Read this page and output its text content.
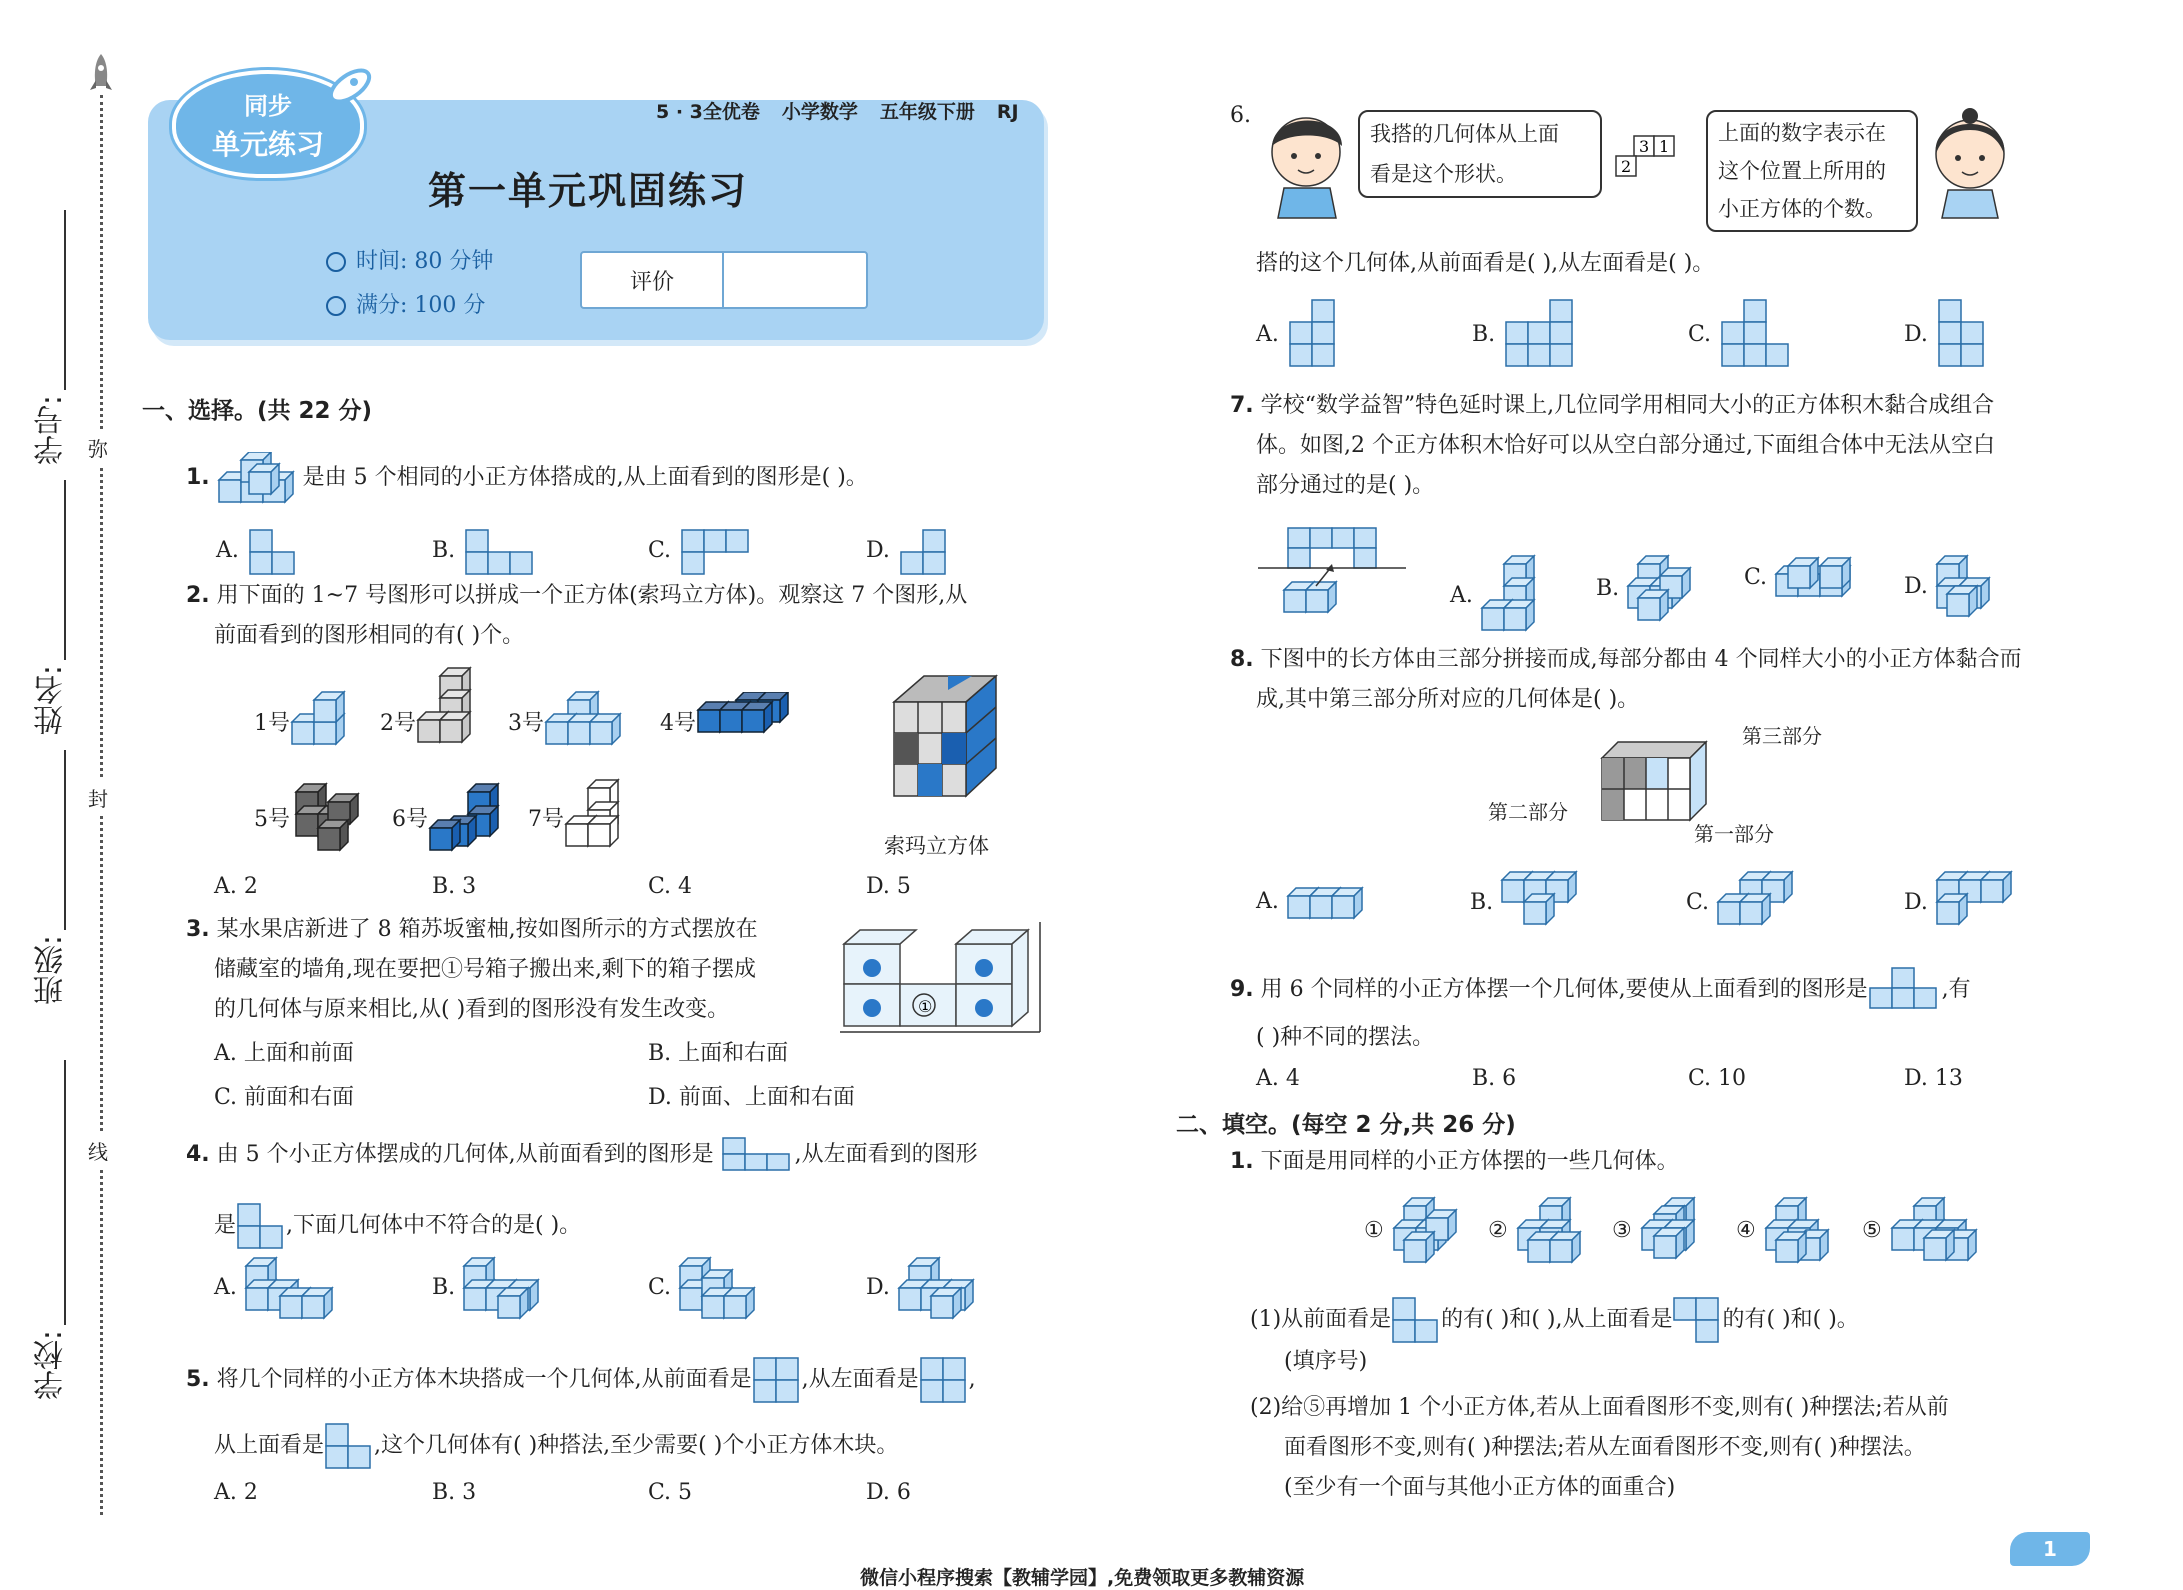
学号:
姓名:
班级:
学校:
弥
封
线
5 · 3全优卷 小学数学 五年级下册 RJ
同步
单元练习
第一单元巩固练习
时间: 80 分钟
满分: 100 分
评价
一、选择。(共 22 分)
1.	是由 5 个相同的小正方体搭成的,从上面看到的图形是( )。
A.	B.	C.	D.
2. 用下面的 1~7 号图形可以拼成一个正方体(索玛立方体)。观察这 7 个图形,从
前面看到的图形相同的有( )个。
1号	2号	3号	4号
5号	6号	7号
索玛立方体
A. 2	B. 3	C. 4	D. 5
3. 某水果店新进了 8 箱苏坂蜜柚,按如图所示的方式摆放在
储藏室的墙角,现在要把①号箱子搬出来,剩下的箱子摆成
的几何体与原来相比,从( )看到的图形没有发生改变。	①
A. 上面和前面	B. 上面和右面
C. 前面和右面	D. 前面、上面和右面
4. 由 5 个小正方体摆成的几何体,从前面看到的图形是	,从左面看到的图形
是 ,下面几何体中不符合的是( )。
A.	B.	C.	D.
5. 将几个同样的小正方体木块搭成一个几何体,从前面看是 ,从左面看是 ,
从上面看是 ,这个几何体有( )种搭法,至少需要( )个小正方体木块。
A. 2	B. 3	C. 5	D. 6
6.
我搭的几何体从上面
看是这个形状。
3 1
2
上面的数字表示在
这个位置上所用的
小正方体的个数。
搭的这个几何体,从前面看是( ),从左面看是( )。
A.	B.	C.	D.
7. 学校“数学益智”特色延时课上,几位同学用相同大小的正方体积木黏合成组合
体。如图,2 个正方体积木恰好可以从空白部分通过,下面组合体中无法从空白
部分通过的是( )。
A.	B.	C.	D.
8. 下图中的长方体由三部分拼接而成,每部分都由 4 个同样大小的小正方体黏合而
成,其中第三部分所对应的几何体是( )。
第三部分
第二部分
第一部分
A.	B.	C.	D.
9. 用 6 个同样的小正方体摆一个几何体,要使从上面看到的图形是	,有
( )种不同的摆法。
A. 4	B. 6	C. 10	D. 13
二、填空。(每空 2 分,共 26 分)
1. 下面是用同样的小正方体摆的一些几何体。
①	②	③	④	⑤
(1)从前面看是 的有( )和( ),从上面看是 的有( )和( )。
(填序号)
(2)给⑤再增加 1 个小正方体,若从上面看图形不变,则有( )种摆法;若从前
面看图形不变,则有( )种摆法;若从左面看图形不变,则有( )种摆法。
(至少有一个面与其他小正方体的面重合)
微信小程序搜索【教辅学园】,免费领取更多教辅资源
1
